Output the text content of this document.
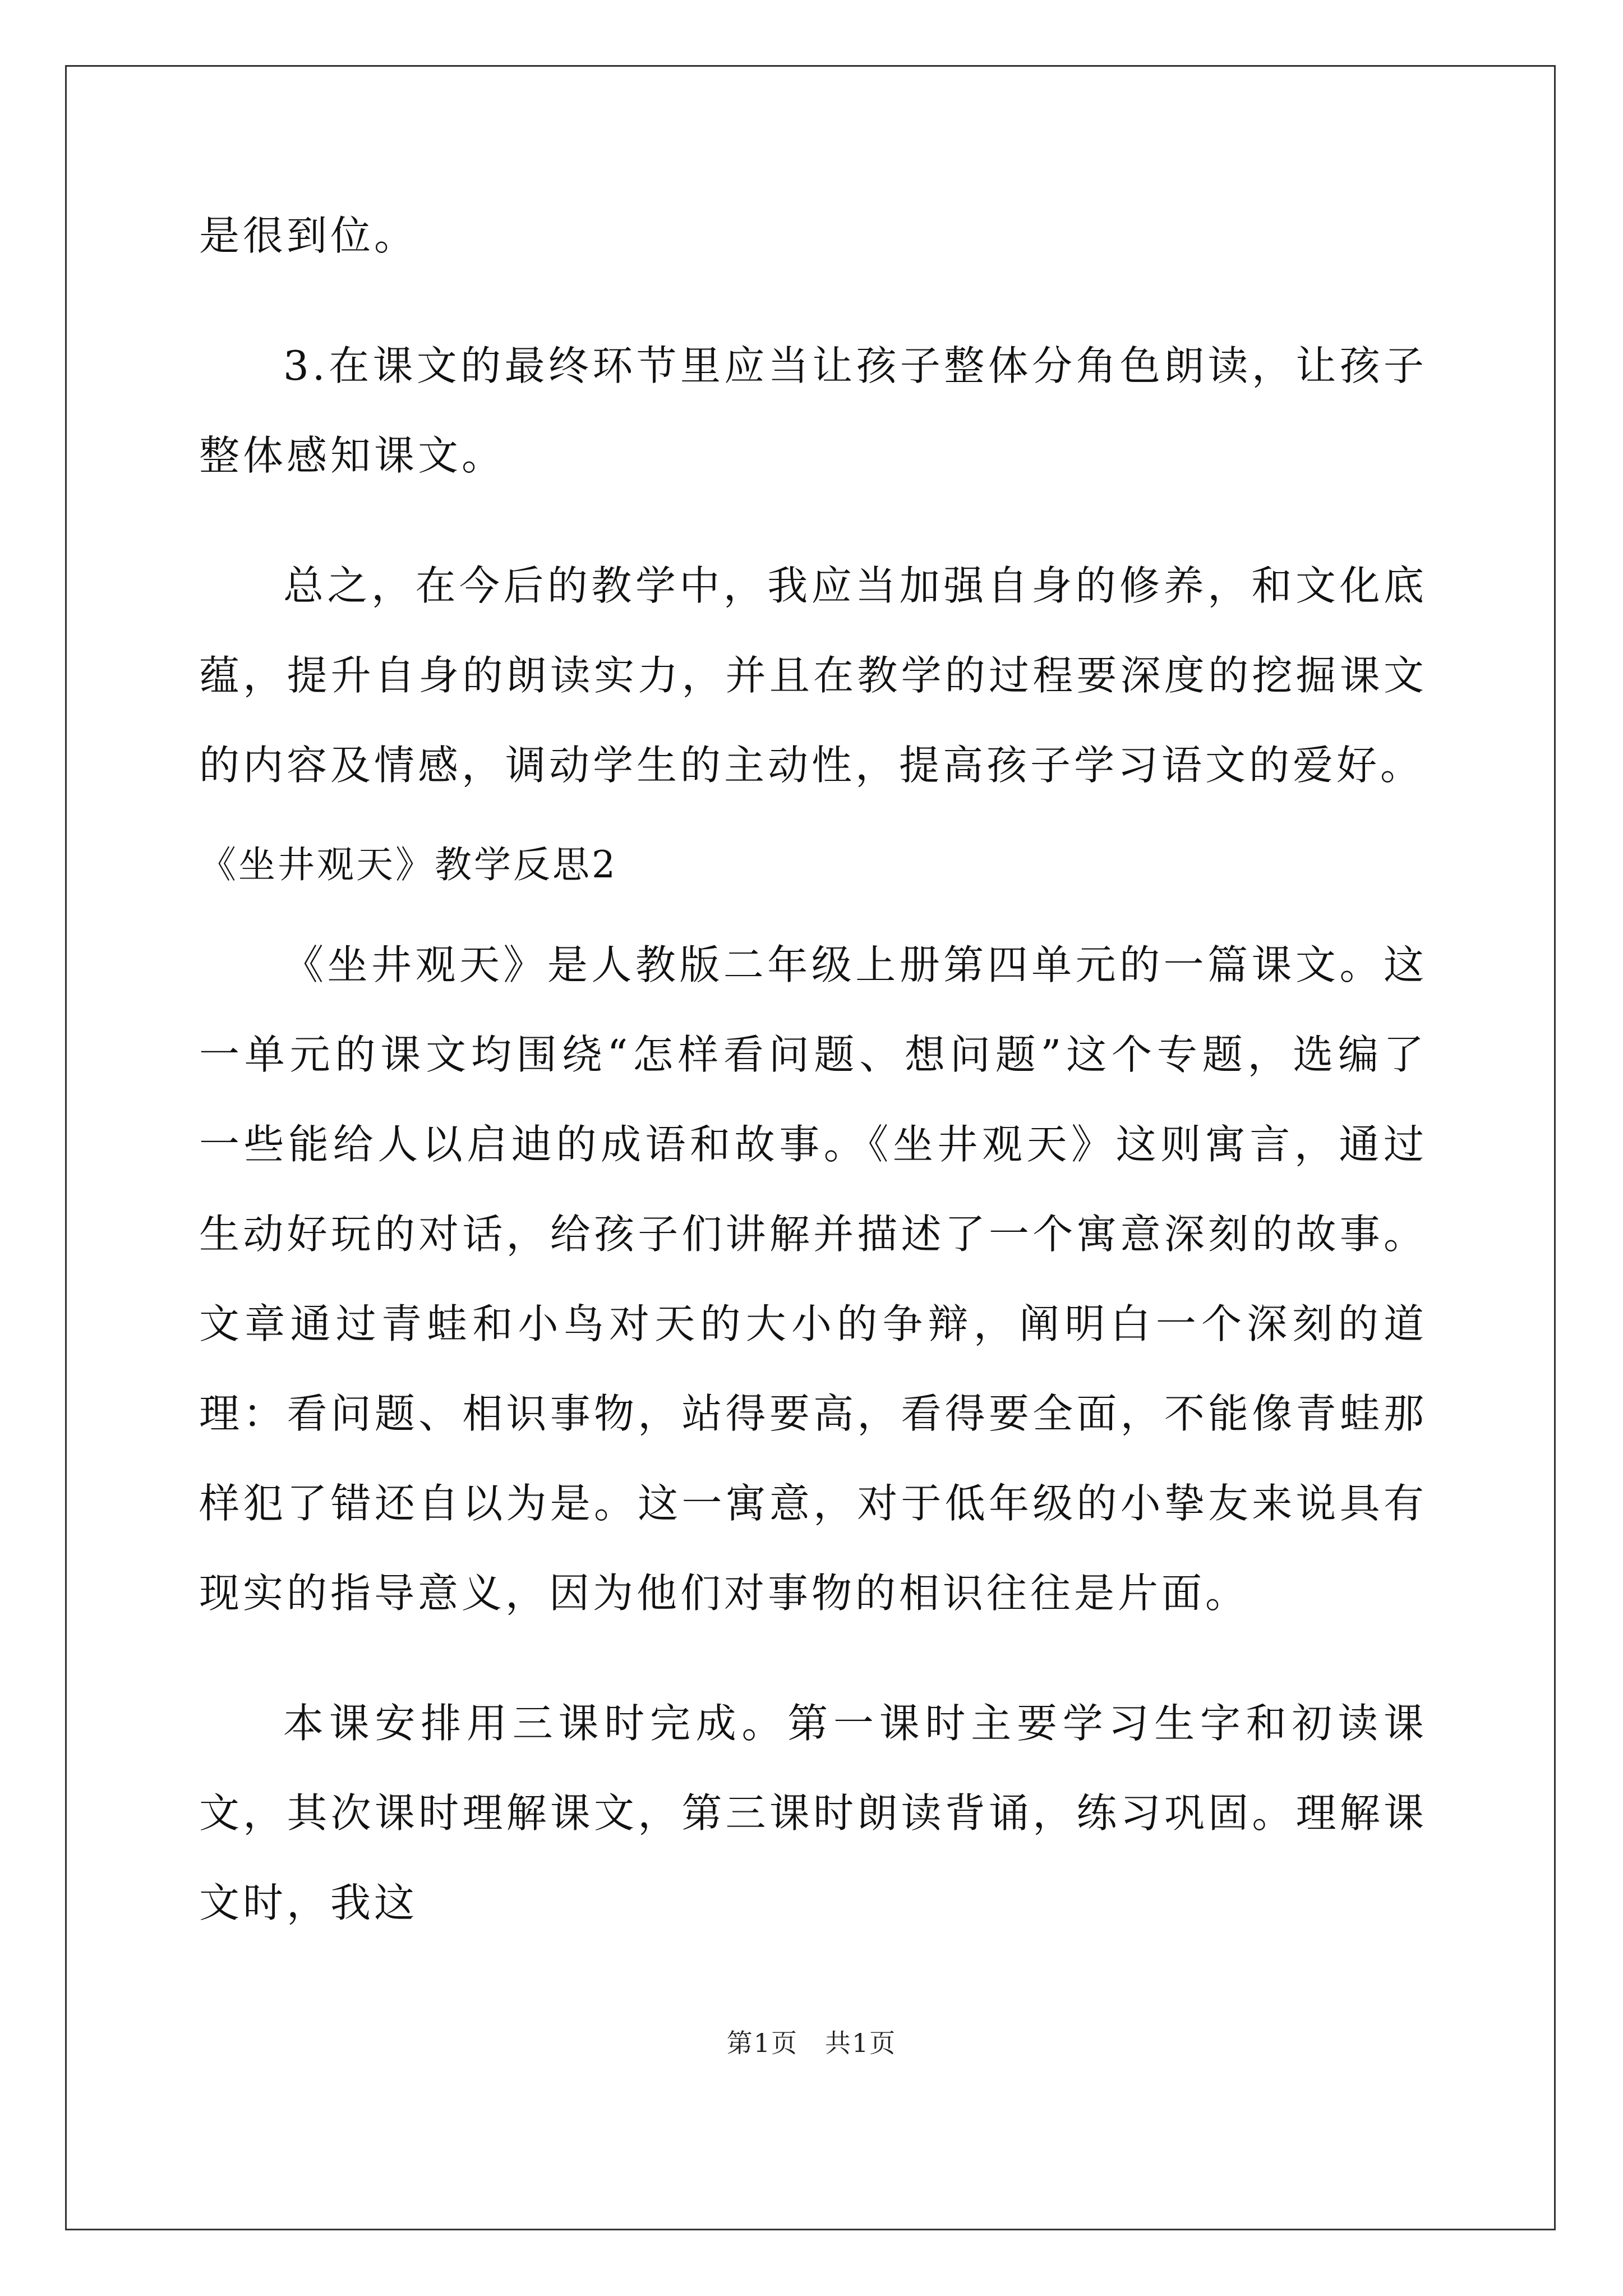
是很到位。

3.在课文的最终环节里应当让孩子整体分角色朗读，让孩子整体感知课文。

总之，在今后的教学中，我应当加强自身的修养，和文化底蕴，提升自身的朗读实力，并且在教学的过程要深度的挖掘课文的内容及情感，调动学生的主动性，提高孩子学习语文的爱好。

《坐井观天》教学反思2

《坐井观天》是人教版二年级上册第四单元的一篇课文。这一单元的课文均围绕“怎样看问题、想问题”这个专题，选编了一些能给人以启迪的成语和故事。《坐井观天》这则寓言，通过生动好玩的对话，给孩子们讲解并描述了一个寓意深刻的故事。文章通过青蛙和小鸟对天的大小的争辩，阐明白一个深刻的道理：看问题、相识事物，站得要高，看得要全面，不能像青蛙那样犯了错还自以为是。这一寓意，对于低年级的小挚友来说具有现实的指导意义，因为他们对事物的相识往往是片面。

本课安排用三课时完成。第一课时主要学习生字和初读课文，其次课时理解课文，第三课时朗读背诵，练习巩固。理解课文时，我这

第1页　共1页
